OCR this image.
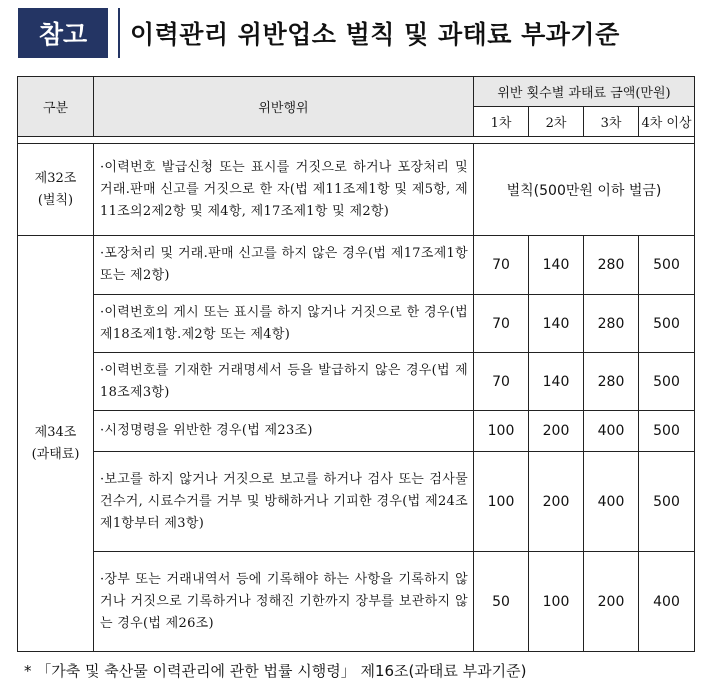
참고	이력관리 위반업소 벌칙 및 과태료 부과기준
구분	위반행위	위반 횟수별 과태료 금액(만원)			
		1차	2차	3차	4차 이상

제32조
(벌칙)	·이력번호 발급신청 또는 표시를 거짓으로 하거나 포장처리 및 거래.판매 신고를 거짓으로 한 자(법 제11조제1항 및 제5항, 제11조의2제2항 및 제4항, 제17조제1항 및 제2항)	벌칙(500만원 이하 벌금)			

제34조
(과태료)	·포장처리 및 거래.판매 신고를 하지 않은 경우(법 제17조제1항 또는 제2항)	70	140	280	500
	·이력번호의 게시 또는 표시를 하지 않거나 거짓으로 한 경우(법 제18조제1항.제2항 또는 제4항)	70	140	280	500
	·이력번호를 기재한 거래명세서 등을 발급하지 않은 경우(법 제18조제3항)	70	140	280	500
	·시정명령을 위반한 경우(법 제23조)	100	200	400	500
	·보고를 하지 않거나 거짓으로 보고를 하거나 검사 또는 검사물건수거, 시료수거를 거부 및 방해하거나 기피한 경우(법 제24조제1항부터 제3항)	100	200	400	500
	·장부 또는 거래내역서 등에 기록해야 하는 사항을 기록하지 않거나 거짓으로 기록하거나 정해진 기한까지 장부를 보관하지 않는 경우(법 제26조)	50	100	200	400
* 「가축 및 축산물 이력관리에 관한 법률 시행령」 제16조(과태료 부과기준)
